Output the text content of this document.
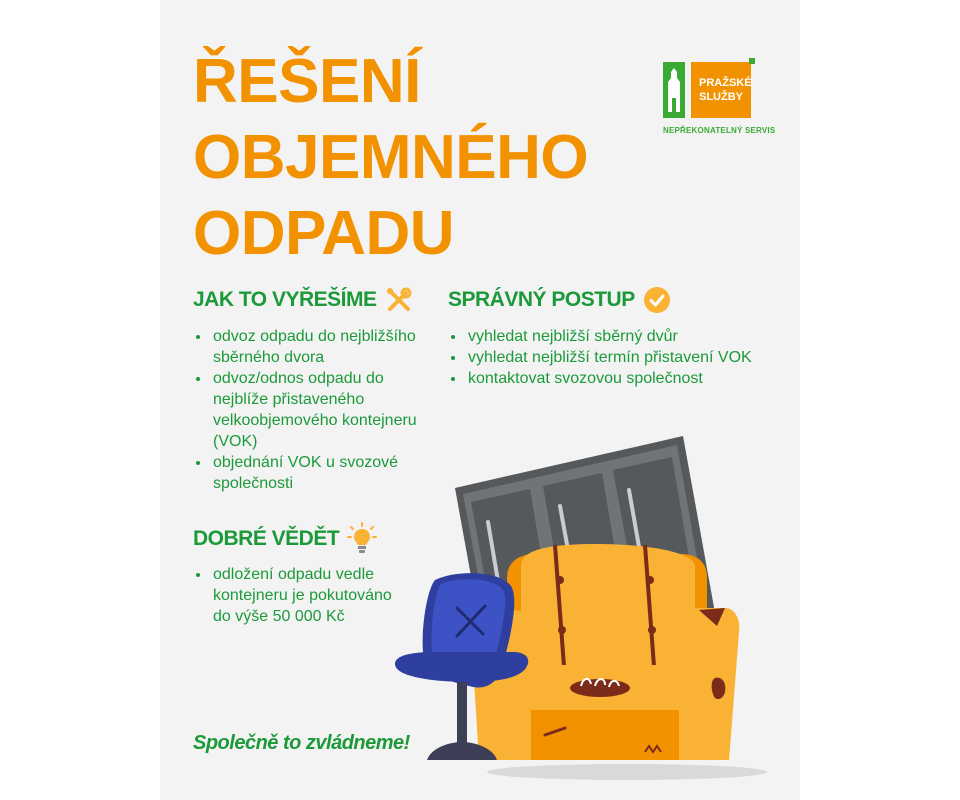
ŘEŠENÍ
OBJEMNÉHO
ODPADU
PRAŽSKÉ
SLUŽBY
NEPŘEKONATELNÝ SERVIS
JAK TO VYŘEŠÍME
• odvoz odpadu do nejbližšího sběrného dvora
• odvoz/odnos odpadu do nejblíže přistaveného velkoobjemového kontejneru (VOK)
• objednání VOK u svozové společnosti
SPRÁVNÝ POSTUP
• vyhledat nejbližší sběrný dvůr
• vyhledat nejbližší termín přistavení VOK
• kontaktovat svozovou společnost
DOBRÉ VĚDĚT
• odložení odpadu vedle kontejneru je pokutováno do výše 50 000 Kč
Společně to zvládneme!
